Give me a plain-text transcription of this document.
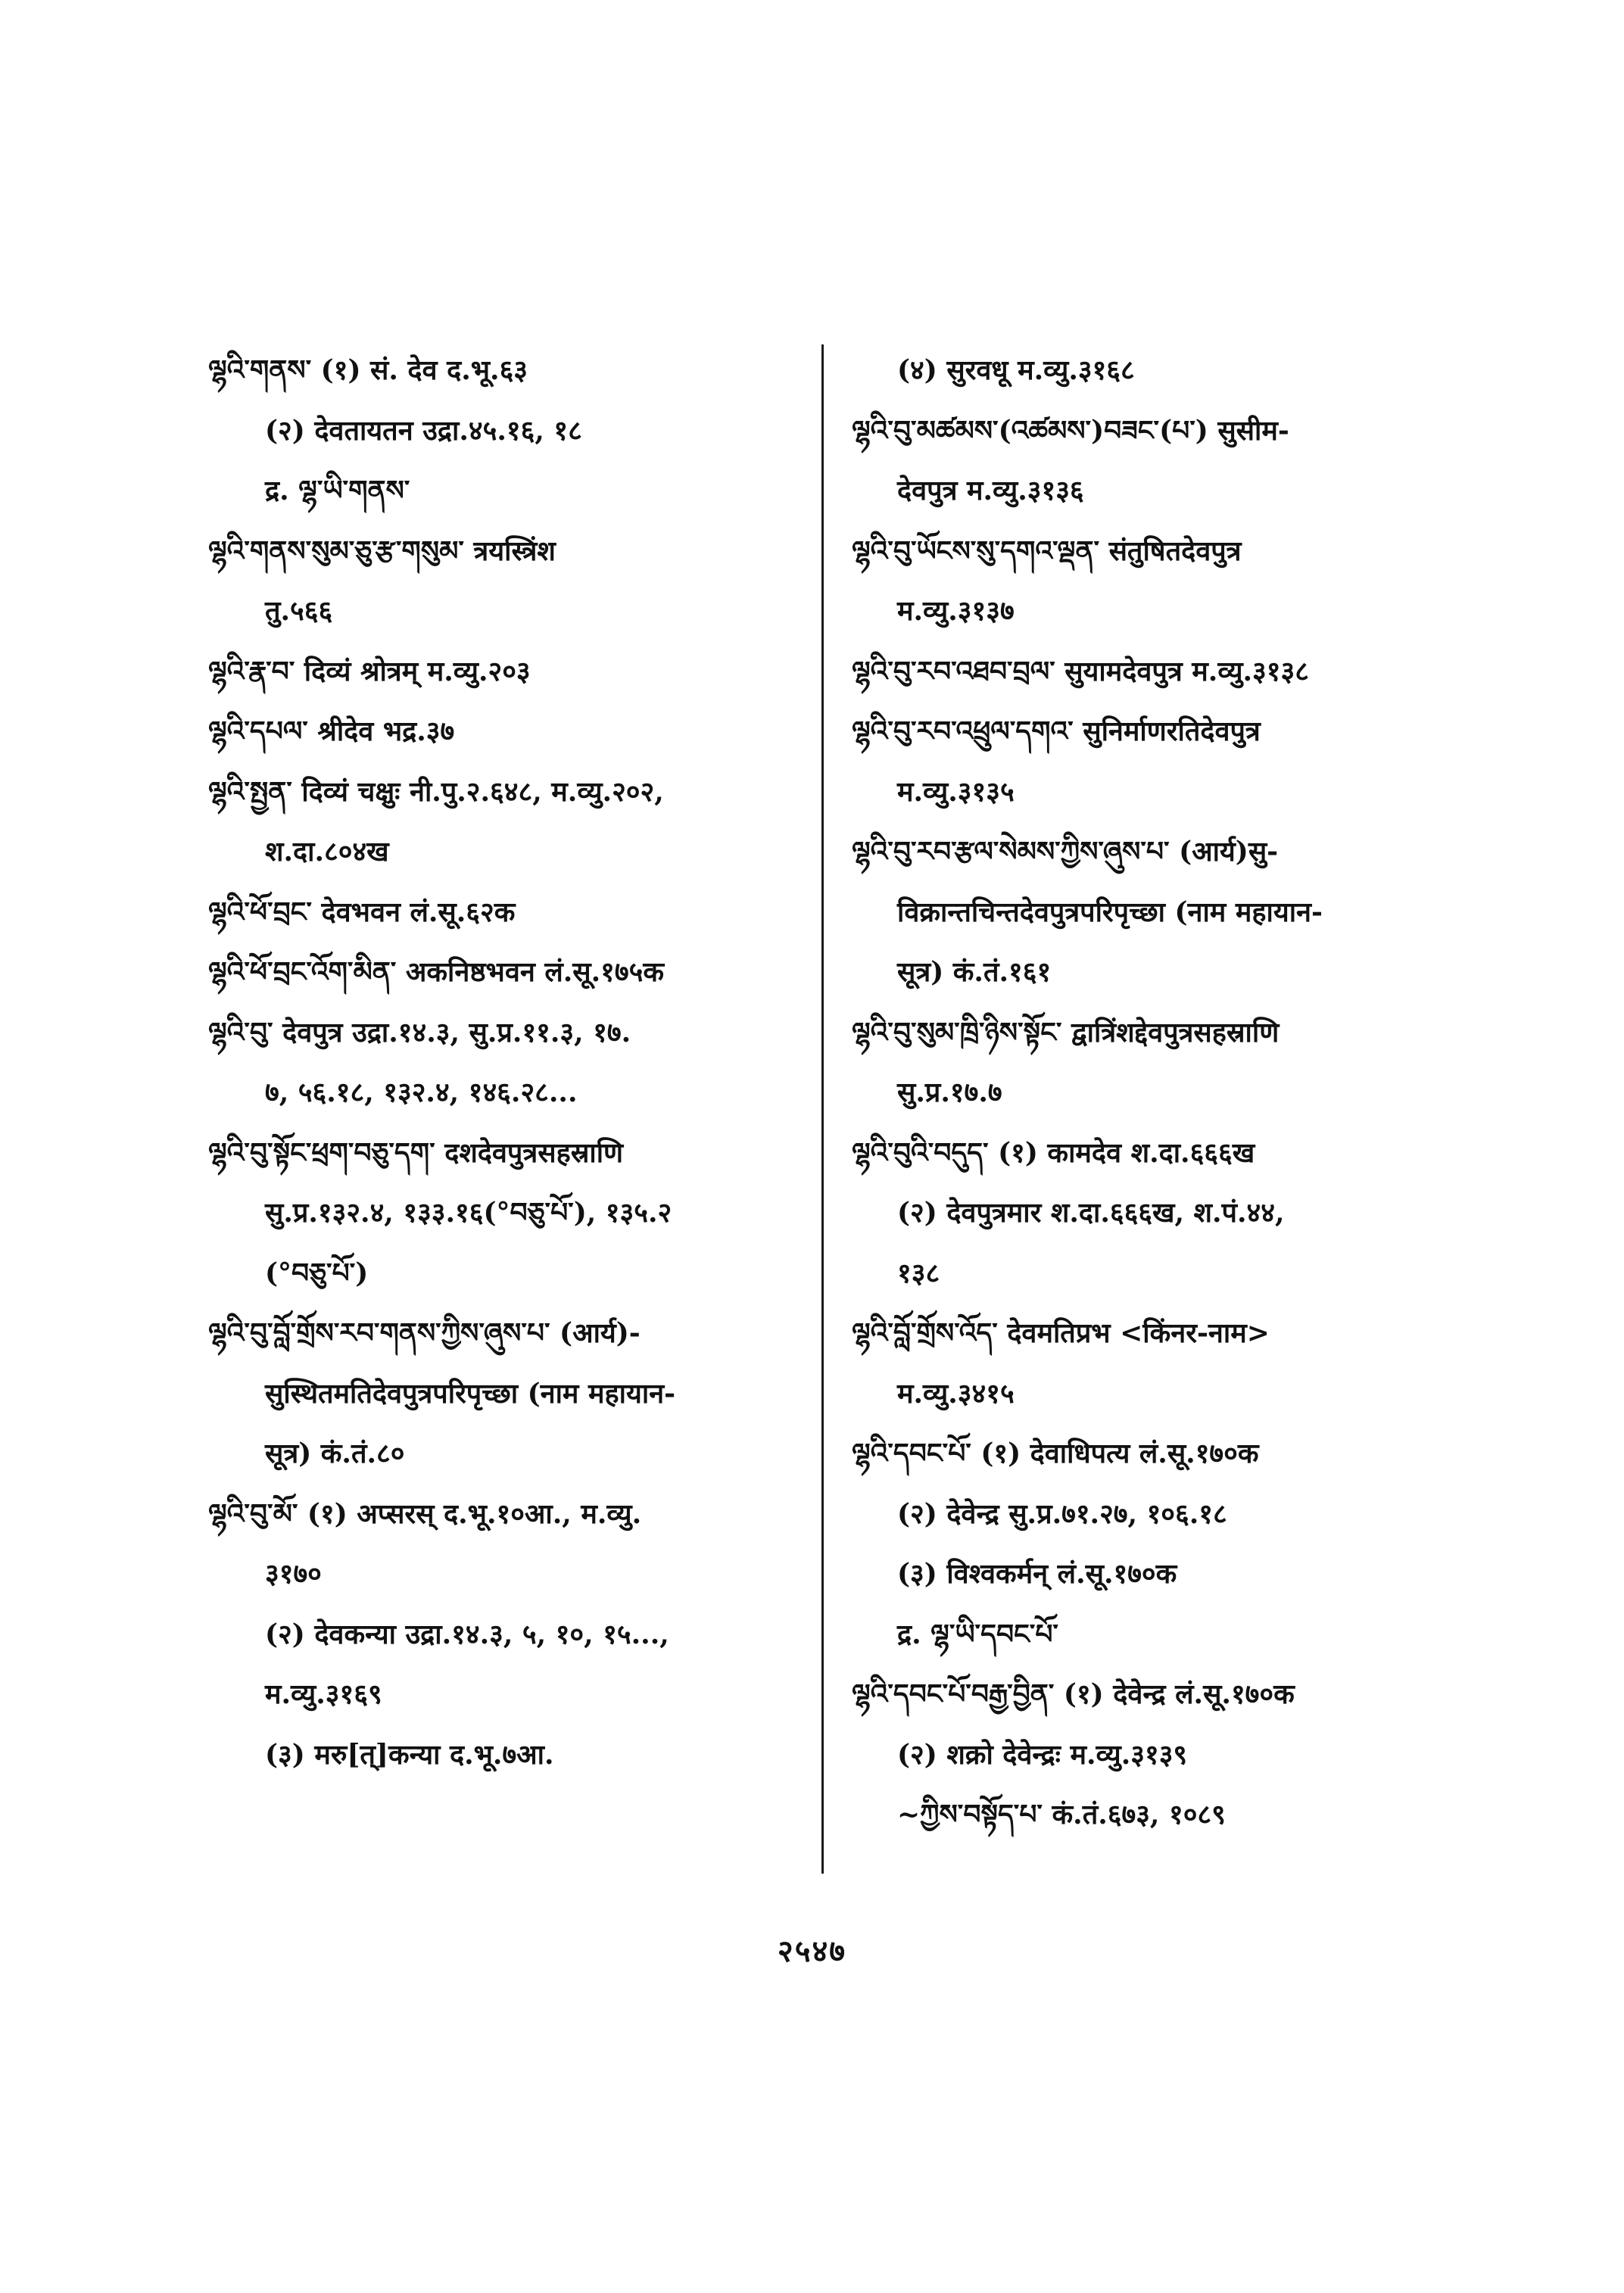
ལྷའི་གནས་ (१) सं. देव द.भू.६३
(२) देवतायतन उद्रा.४५.१६, १८
द्र. ལྷ་ཡི་གནས་
ལྷའི་གནས་སུམ་ཅུ་རྩ་གསུམ་ त्रयस्त्रिंश
तु.५६६
ལྷའི་རྣ་བ་ दिव्यं श्रोत्रम् म.व्यु.२०३
ལྷའི་དཔལ་ श्रीदेव भद्र.३७
ལྷའི་སྤྱན་ दिव्यं चक्षुः नी.पु.२.६४८, म.व्यु.२०२,
श.दा.८०४ख
ལྷའི་ཕོ་བྲང་ देवभवन लं.सू.६२क
ལྷའི་ཕོ་བྲང་འོག་མིན་ अकनिष्ठभवन लं.सू.१७५क
ལྷའི་བུ་ देवपुत्र उद्रा.१४.३, सु.प्र.११.३, १७.
७, ५६.१८, १३२.४, १४६.२८...
ལྷའི་བུ་སྟོང་ཕྲག་བཅུ་དག་ दशदेवपुत्रसहस्राणि
सु.प्र.१३२.४, १३३.१६(°བཅུ་པོ་), १३५.२
(°བཅུ་པོ་)
ལྷའི་བུ་བློ་གྲོས་རབ་གནས་ཀྱིས་ཞུས་པ་ (आर्य)-
सुस्थितमतिदेवपुत्रपरिपृच्छा (नाम महायान-
सूत्र) कं.तं.८०
ལྷའི་བུ་མོ་ (१) अप्सरस् द.भू.१०आ., म.व्यु.
३१७०
(२) देवकन्या उद्रा.१४.३, ५, १०, १५...,
म.व्यु.३१६९
(३) मरु[त्]कन्या द.भू.७आ.
(४) सुरवधू म.व्यु.३१६८
ལྷའི་བུ་མཚམས་(འཚམས་)བཟང་(པ་) सुसीम-
देवपुत्र म.व्यु.३१३६
ལྷའི་བུ་ཡོངས་སུ་དགའ་ལྡན་ संतुषितदेवपुत्र
म.व्यु.३१३७
ལྷའི་བུ་རབ་འཐབ་བྲལ་ सुयामदेवपुत्र म.व्यु.३१३८
ལྷའི་བུ་རབ་འཕྲུལ་དགའ་ सुनिर्माणरतिदेवपुत्र
म.व्यु.३१३५
ལྷའི་བུ་རབ་རྩལ་སེམས་ཀྱིས་ཞུས་པ་ (आर्य)सु-
विक्रान्तचिन्तदेवपुत्रपरिपृच्छा (नाम महायान-
सूत्र) कं.तं.१६१
ལྷའི་བུ་སུམ་ཁྲི་ཉིས་སྟོང་ द्वात्रिंशद्देवपुत्रसहस्राणि
सु.प्र.१७.७
ལྷའི་བུའི་བདུད་ (१) कामदेव श.दा.६६६ख
(२) देवपुत्रमार श.दा.६६६ख, श.पं.४४,
१३८
ལྷའི་བློ་གྲོས་འོད་ देवमतिप्रभ <किंनर-नाम>
म.व्यु.३४१५
ལྷའི་དབང་པོ་ (१) देवाधिपत्य लं.सू.१७०क
(२) देवेन्द्र सु.प्र.७१.२७, १०६.१८
(३) विश्वकर्मन् लं.सू.१७०क
द्र. ལྷ་ཡི་དབང་པོ་
ལྷའི་དབང་པོ་བརྒྱ་བྱིན་ (१) देवेन्द्र लं.सू.१७०क
(२) शक्रो देवेन्द्रः म.व्यु.३१३९
~ཀྱིས་བསྟོད་པ་ कं.तं.६७३, १०८९
२५४७
